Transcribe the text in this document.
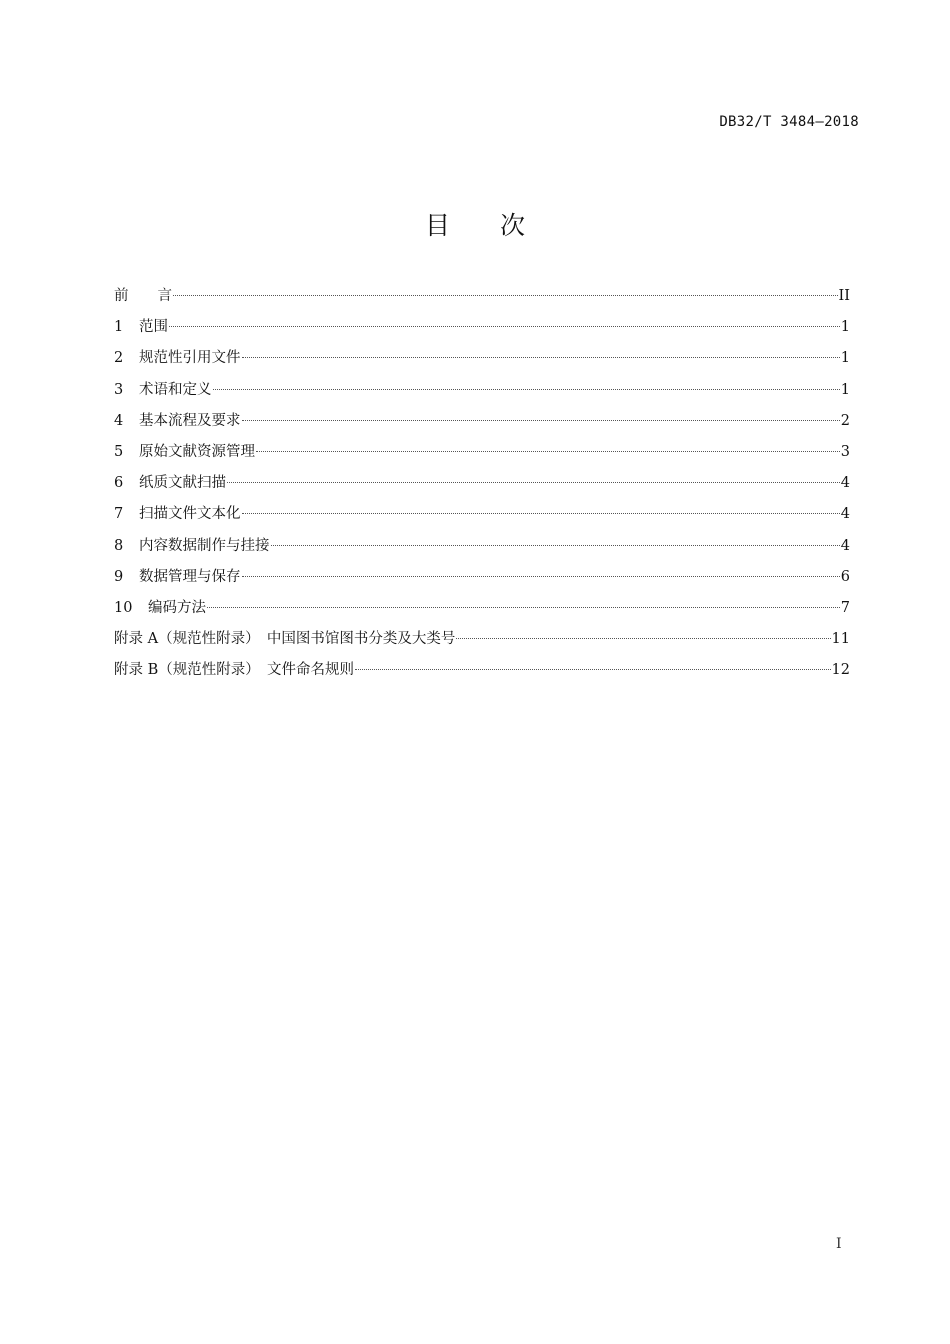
DB32/T 3484—2018
目 次
前　　言	II
1	范围	1
2	规范性引用文件	1
3	术语和定义	1
4	基本流程及要求	2
5	原始文献资源管理	3
6	纸质文献扫描	4
7	扫描文件文本化	4
8	内容数据制作与挂接	4
9	数据管理与保存	6
10	编码方法	7
附录 A（规范性附录）　中国图书馆图书分类及大类号	11
附录 B（规范性附录）　文件命名规则	12
I
